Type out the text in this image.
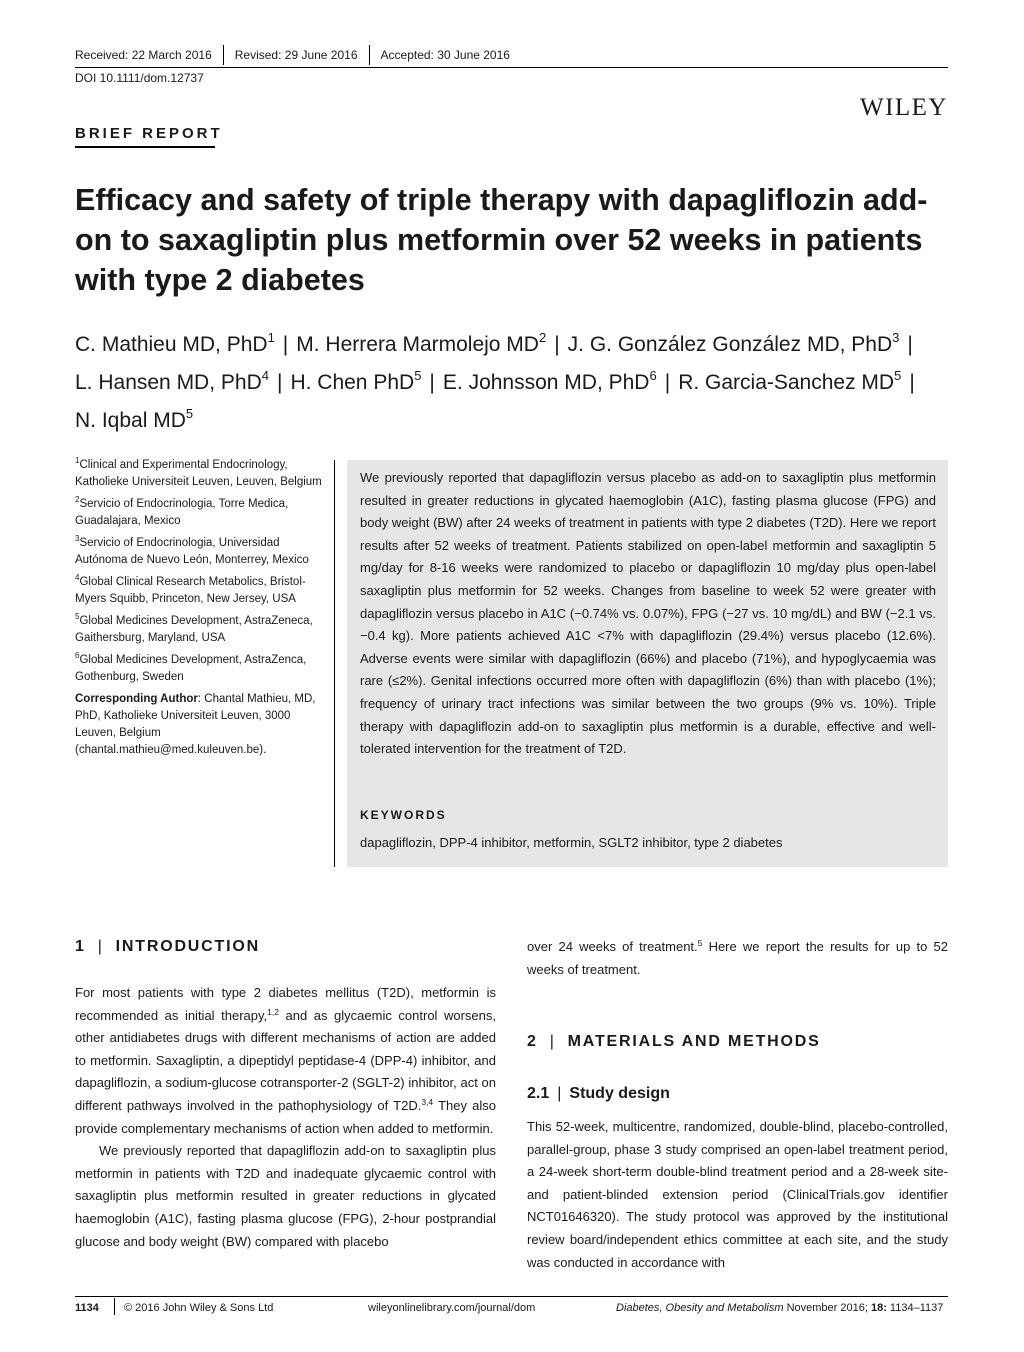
Received: 22 March 2016 Revised: 29 June 2016 Accepted: 30 June 2016
DOI 10.1111/dom.12737
WILEY
BRIEF REPORT
Efficacy and safety of triple therapy with dapagliflozin add-on to saxagliptin plus metformin over 52 weeks in patients with type 2 diabetes
C. Mathieu MD, PhD$^1$ | M. Herrera Marmolejo $MD^2$ | J. G. González González MD, PhD$^3$ |
L. Hansen MD, PhD$^4$ | H. Chen PhD$^5$ | E. Johnsson MD, PhD$^6$ | R. Garcia-Sanchez $MD^5$ |
N. Iqbal $MD^5$

$^1$Clinical and Experimental Endocrinology, Katholieke Universiteit Leuven, Leuven, Belgium

$^2$Servicio of Endocrinologia, Torre Medica, Guadalajara, Mexico

$^3$Servicio of Endocrinologia, Universidad Autónoma de Nuevo León, Monterrey, Mexico

$^4$Global Clinical Research Metabolics, Bristol-Myers Squibb, Princeton, New Jersey, USA

$^5$Global Medicines Development, AstraZeneca, Gaithersburg, Maryland, USA

$^6$Global Medicines Development, AstraZenca, Gothenburg, Sweden

Corresponding Author: Chantal Mathieu, MD, PhD, Katholieke Universiteit Leuven, 3000 Leuven, Belgium (chantal.mathieu@med.kuleuven.be).

We previously reported that dapagliflozin versus placebo as add-on to saxagliptin plus metformin resulted in greater reductions in glycated haemoglobin (A1C), fasting plasma glucose (FPG) and body weight (BW) after 24 weeks of treatment in patients with type 2 diabetes (T2D). Here we report results after 52 weeks of treatment. Patients stabilized on open-label metformin and saxagliptin 5 mg/day for 8-16 weeks were randomized to placebo or dapagliflozin 10 mg/day plus open-label saxagliptin plus metformin for 52 weeks. Changes from baseline to week 52 were greater with dapagliflozin versus placebo in A1C (−0.74% vs. 0.07%), FPG (−27 vs. 10 mg/dL) and BW (−2.1 vs. −0.4 kg). More patients achieved A1C <7% with dapagliflozin (29.4%) versus placebo (12.6%). Adverse events were similar with dapagliflozin (66%) and placebo (71%), and hypoglycaemia was rare (≤2%). Genital infections occurred more often with dapagliflozin (6%) than with placebo (1%); frequency of urinary tract infections was similar between the two groups (9% vs. 10%). Triple therapy with dapagliflozin add-on to saxagliptin plus metformin is a durable, effective and well-tolerated intervention for the treatment of T2D.
KEYWORDS
dapagliflozin, DPP-4 inhibitor, metformin, SGLT2 inhibitor, type 2 diabetes
1 | INTRODUCTION

For most patients with type 2 diabetes mellitus (T2D), metformin is recommended as initial therapy,$^{1,2}$ and as glycaemic control worsens, other antidiabetes drugs with different mechanisms of action are added to metformin. Saxagliptin, a dipeptidyl peptidase-4 (DPP-4) inhibitor, and dapagliflozin, a sodium-glucose cotransporter-2 (SGLT-2) inhibitor, act on different pathways involved in the pathophysiology of T2D.$^{3,4}$ They also provide complementary mechanisms of action when added to metformin.

We previously reported that dapagliflozin add-on to saxagliptin plus metformin in patients with T2D and inadequate glycaemic control with saxagliptin plus metformin resulted in greater reductions in glycated haemoglobin (A1C), fasting plasma glucose (FPG), 2-hour postprandial glucose and body weight (BW) compared with placebo

over 24 weeks of treatment.$^5$ Here we report the results for up to 52 weeks of treatment.

2 | MATERIALS AND METHODS
2.1 | Study design

This 52-week, multicentre, randomized, double-blind, placebo-controlled, parallel-group, phase 3 study comprised an open-label treatment period, a 24-week short-term double-blind treatment period and a 28-week site- and patient-blinded extension period (ClinicalTrials.gov identifier NCT01646320). The study protocol was approved by the institutional review board/independent ethics committee at each site, and the study was conducted in accordance with

1134 © 2016 John Wiley & Sons Ltd	wileyonlinelibrary.com/journal/dom	Diabetes, Obesity and Metabolism November 2016; 18: 1134–1137
